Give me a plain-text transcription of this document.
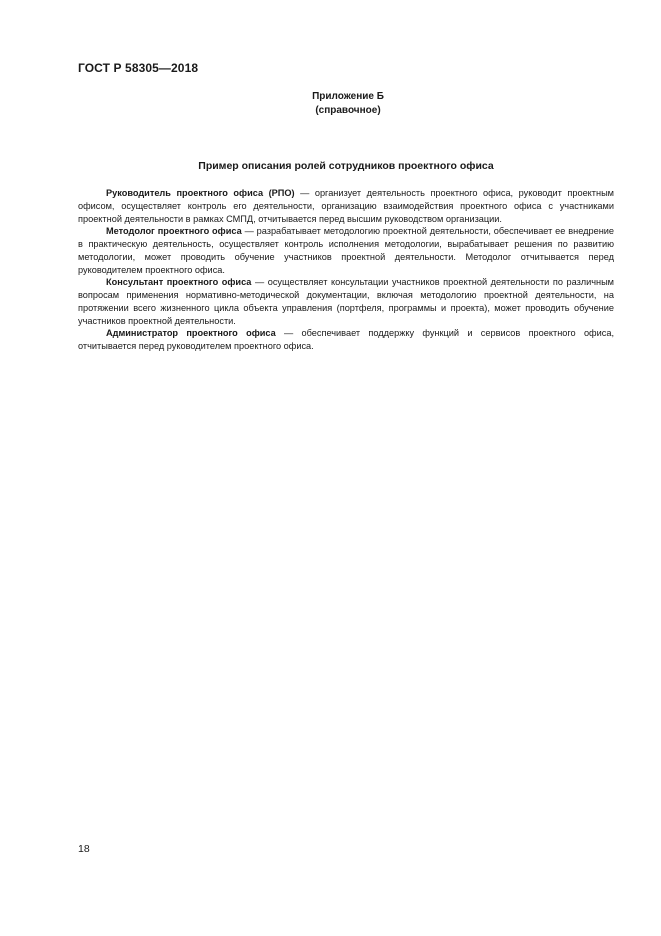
ГОСТ Р 58305—2018
Приложение Б
(справочное)
Пример описания ролей сотрудников проектного офиса

Руководитель проектного офиса (РПО) — организует деятельность проектного офиса, руководит проектным офисом, осуществляет контроль его деятельности, организацию взаимодействия проектного офиса с участниками проектной деятельности в рамках СМПД, отчитывается перед высшим руководством организации.

Методолог проектного офиса — разрабатывает методологию проектной деятельности, обеспечивает ее внедрение в практическую деятельность, осуществляет контроль исполнения методологии, вырабатывает решения по развитию методологии, может проводить обучение участников проектной деятельности. Методолог отчитывается перед руководителем проектного офиса.

Консультант проектного офиса — осуществляет консультации участников проектной деятельности по различным вопросам применения нормативно-методической документации, включая методологию проектной деятельности, на протяжении всего жизненного цикла объекта управления (портфеля, программы и проекта), может проводить обучение участников проектной деятельности.

Администратор проектного офиса — обеспечивает поддержку функций и сервисов проектного офиса, отчитывается перед руководителем проектного офиса.

18
